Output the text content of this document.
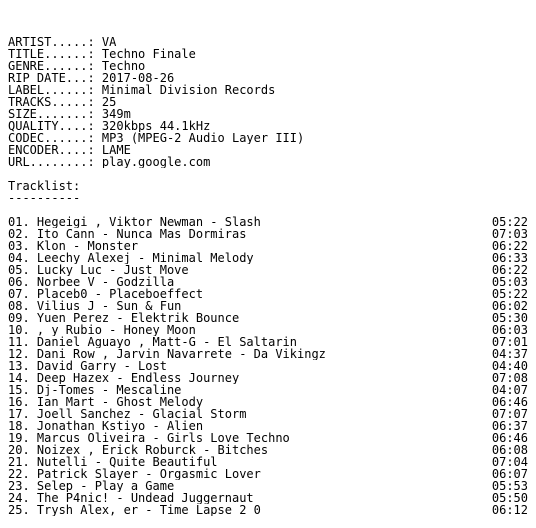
ARTIST.....: VA
TITLE......: Techno Finale
GENRE......: Techno
RIP DATE...: 2017-08-26
LABEL......: Minimal Division Records
TRACKS.....: 25
SIZE.......: 349m
QUALITY....: 320kbps 44.1kHz
CODEC......: MP3 (MPEG-2 Audio Layer III)
ENCODER....: LAME
URL........: play.google.com
Tracklist:
----------
01. Hegeigi , Viktor Newman - Slash	05:22
02. Ito Cann - Nunca Mas Dormiras	07:03
03. Klon - Monster	06:22
04. Leechy Alexej - Minimal Melody	06:33
05. Lucky Luc - Just Move	06:22
06. Norbee V - Godzilla	05:03
07. Placeb0 - Placeboeffect	05:22
08. Vilius J - Sun & Fun	06:02
09. Yuen Perez - Elektrik Bounce	05:30
10. , y Rubio - Honey Moon	06:03
11. Daniel Aguayo , Matt-G - El Saltarin	07:01
12. Dani Row , Jarvin Navarrete - Da Vikingz	04:37
13. David Garry - Lost	04:40
14. Deep Hazex - Endless Journey	07:08
15. Dj-Tomes - Mescaline	04:07
16. Ian Mart - Ghost Melody	06:46
17. Joell Sanchez - Glacial Storm	07:07
18. Jonathan Kstiyo - Alien	06:37
19. Marcus Oliveira - Girls Love Techno	06:46
20. Noizex , Erick Roburck - Bitches	06:08
21. Nutelli - Quite Beautiful	07:04
22. Patrick Slayer - Orgasmic Lover	06:07
23. Selep - Play a Game	05:53
24. The P4nic! - Undead Juggernaut	05:50
25. Trysh Alex, er - Time Lapse 2 0	06:12
